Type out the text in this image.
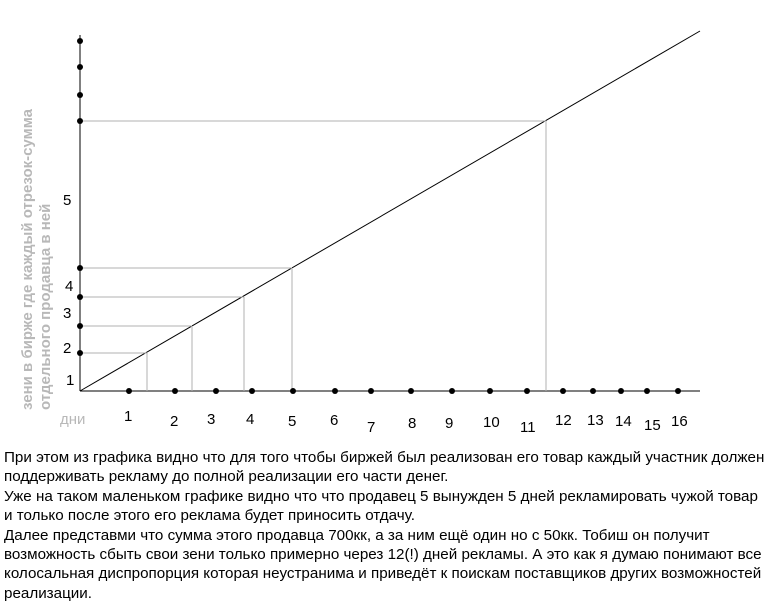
зени в бирже где каждый отрезок-сумма отдельного продавца в ней 1
2
3
4
5
дни	1	2 3 4 5 6 7 8 9 10 11 12 13 14 15 16

При этом из графика видно что для того чтобы биржей был реализован его товар каждый участник должен поддерживать рекламу до полной реализации его части денег.

Уже на таком маленьком графике видно что что продавец 5 вынужден 5 дней рекламировать чужой товар и только после этого его реклама будет приносить отдачу.

Далее представми что сумма этого продавца 700кк, а за ним ещё один но с 50кк. Тобиш он получит возможность сбыть свои зени только примерно через 12(!) дней рекламы. А это как я думаю понимают все колосальная диспропорция которая неустранима и приведёт к поискам поставщиков других возможностей реализации.
